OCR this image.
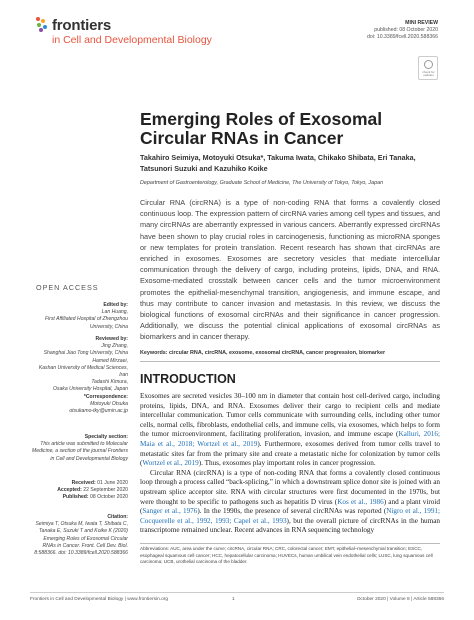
frontiers
in Cell and Developmental Biology
MINI REVIEW
published: 08 October 2020
doi: 10.3389/fcell.2020.588366
check for updates
Emerging Roles of Exosomal Circular RNAs in Cancer
Takahiro Seimiya, Motoyuki Otsuka*, Takuma Iwata, Chikako Shibata, Eri Tanaka, Tatsunori Suzuki and Kazuhiko Koike
Department of Gastroenterology, Graduate School of Medicine, The University of Tokyo, Tokyo, Japan
Circular RNA (circRNA) is a type of non-coding RNA that forms a covalently closed continuous loop. The expression pattern of circRNA varies among cell types and tissues, and many circRNAs are aberrantly expressed in various cancers. Aberrantly expressed circRNAs have been shown to play crucial roles in carcinogenesis, functioning as microRNA sponges or new templates for protein translation. Recent research has shown that circRNAs are enriched in exosomes. Exosomes are secretory vesicles that mediate intercellular communication through the delivery of cargo, including proteins, lipids, DNA, and RNA. Exosome-mediated crosstalk between cancer cells and the tumor microenvironment promotes the epithelial-mesenchymal transition, angiogenesis, and immune escape, and thus may contribute to cancer invasion and metastasis. In this review, we discuss the biological functions of exosomal circRNAs and their significance in cancer progression. Additionally, we discuss the potential clinical applications of exosomal circRNAs as biomarkers and in cancer therapy.
Keywords: circular RNA, circRNA, exosome, exosomal circRNA, cancer progression, biomarker
INTRODUCTION

Exosomes are secreted vesicles 30–100 nm in diameter that contain host cell-derived cargo, including proteins, lipids, DNA, and RNA. Exosomes deliver their cargo to recipient cells and mediate intercellular communication. Tumor cells communicate with surrounding cells, including other tumor cells, normal cells, fibroblasts, endothelial cells, and immune cells, via exosomes, which helps to form the tumor microenvironment, facilitating proliferation, invasion, and immune escape (Kalluri, 2016; Maia et al., 2018; Wortzel et al., 2019). Furthermore, exosomes derived from tumor cells travel to metastatic sites far from the primary site and create a metastatic niche for colonization by tumor cells (Wortzel et al., 2019). Thus, exosomes play important roles in cancer progression.

Circular RNA (circRNA) is a type of non-coding RNA that forms a covalently closed continuous loop through a process called “back-splicing,” in which a downstream splice donor site is joined with an upstream splice acceptor site. RNA with circular structures were first documented in the 1970s, but were thought to be specific to pathogens such as hepatitis D virus (Kos et al., 1986) and a plant viroid (Sanger et al., 1976). In the 1990s, the presence of several circRNAs was reported (Nigro et al., 1991; Cocquerelle et al., 1992, 1993; Capel et al., 1993), but the overall picture of circRNAs in the human transcriptome remained unclear. Recent advances in RNA sequencing technology

Abbreviations: AUC, area under the curve; circRNA, circular RNA; CRC, colorectal cancer; EMT, epithelial–mesenchymal transition; ESCC, esophageal squamous cell cancer; HCC, hepatocellular carcinoma; HUVECs, human umbilical vein endothelial cells; LUSC, lung squamous cell carcinoma; UCB, urothelial carcinoma of the bladder.
OPEN ACCESS
Edited by:
Lan Huang,
First Affiliated Hospital of Zhengzhou University, China
Reviewed by:
Jing Zhang,
Shanghai Jiao Tong University, China
Hamed Mirzaei,
Kashan University of Medical Sciences, Iran
Tadashi Kimura,
Osaka University Hospital, Japan
*Correspondence:
Motoyuki Otsuka
otsukamo-tky@umin.ac.jp
Specialty section:
This article was submitted to Molecular Medicine, a section of the journal Frontiers in Cell and Developmental Biology
Received: 01 June 2020
Accepted: 22 September 2020
Published: 08 October 2020
Citation:
Seimiya T, Otsuka M, Iwata T, Shibata C, Tanaka E, Suzuki T and Koike K (2020) Emerging Roles of Exosomal Circular RNAs in Cancer. Front. Cell Dev. Biol. 8:588366. doi: 10.3389/fcell.2020.588366
Frontiers in Cell and Developmental Biology | www.frontiersin.org	1	October 2020 | Volume 8 | Article 588366
